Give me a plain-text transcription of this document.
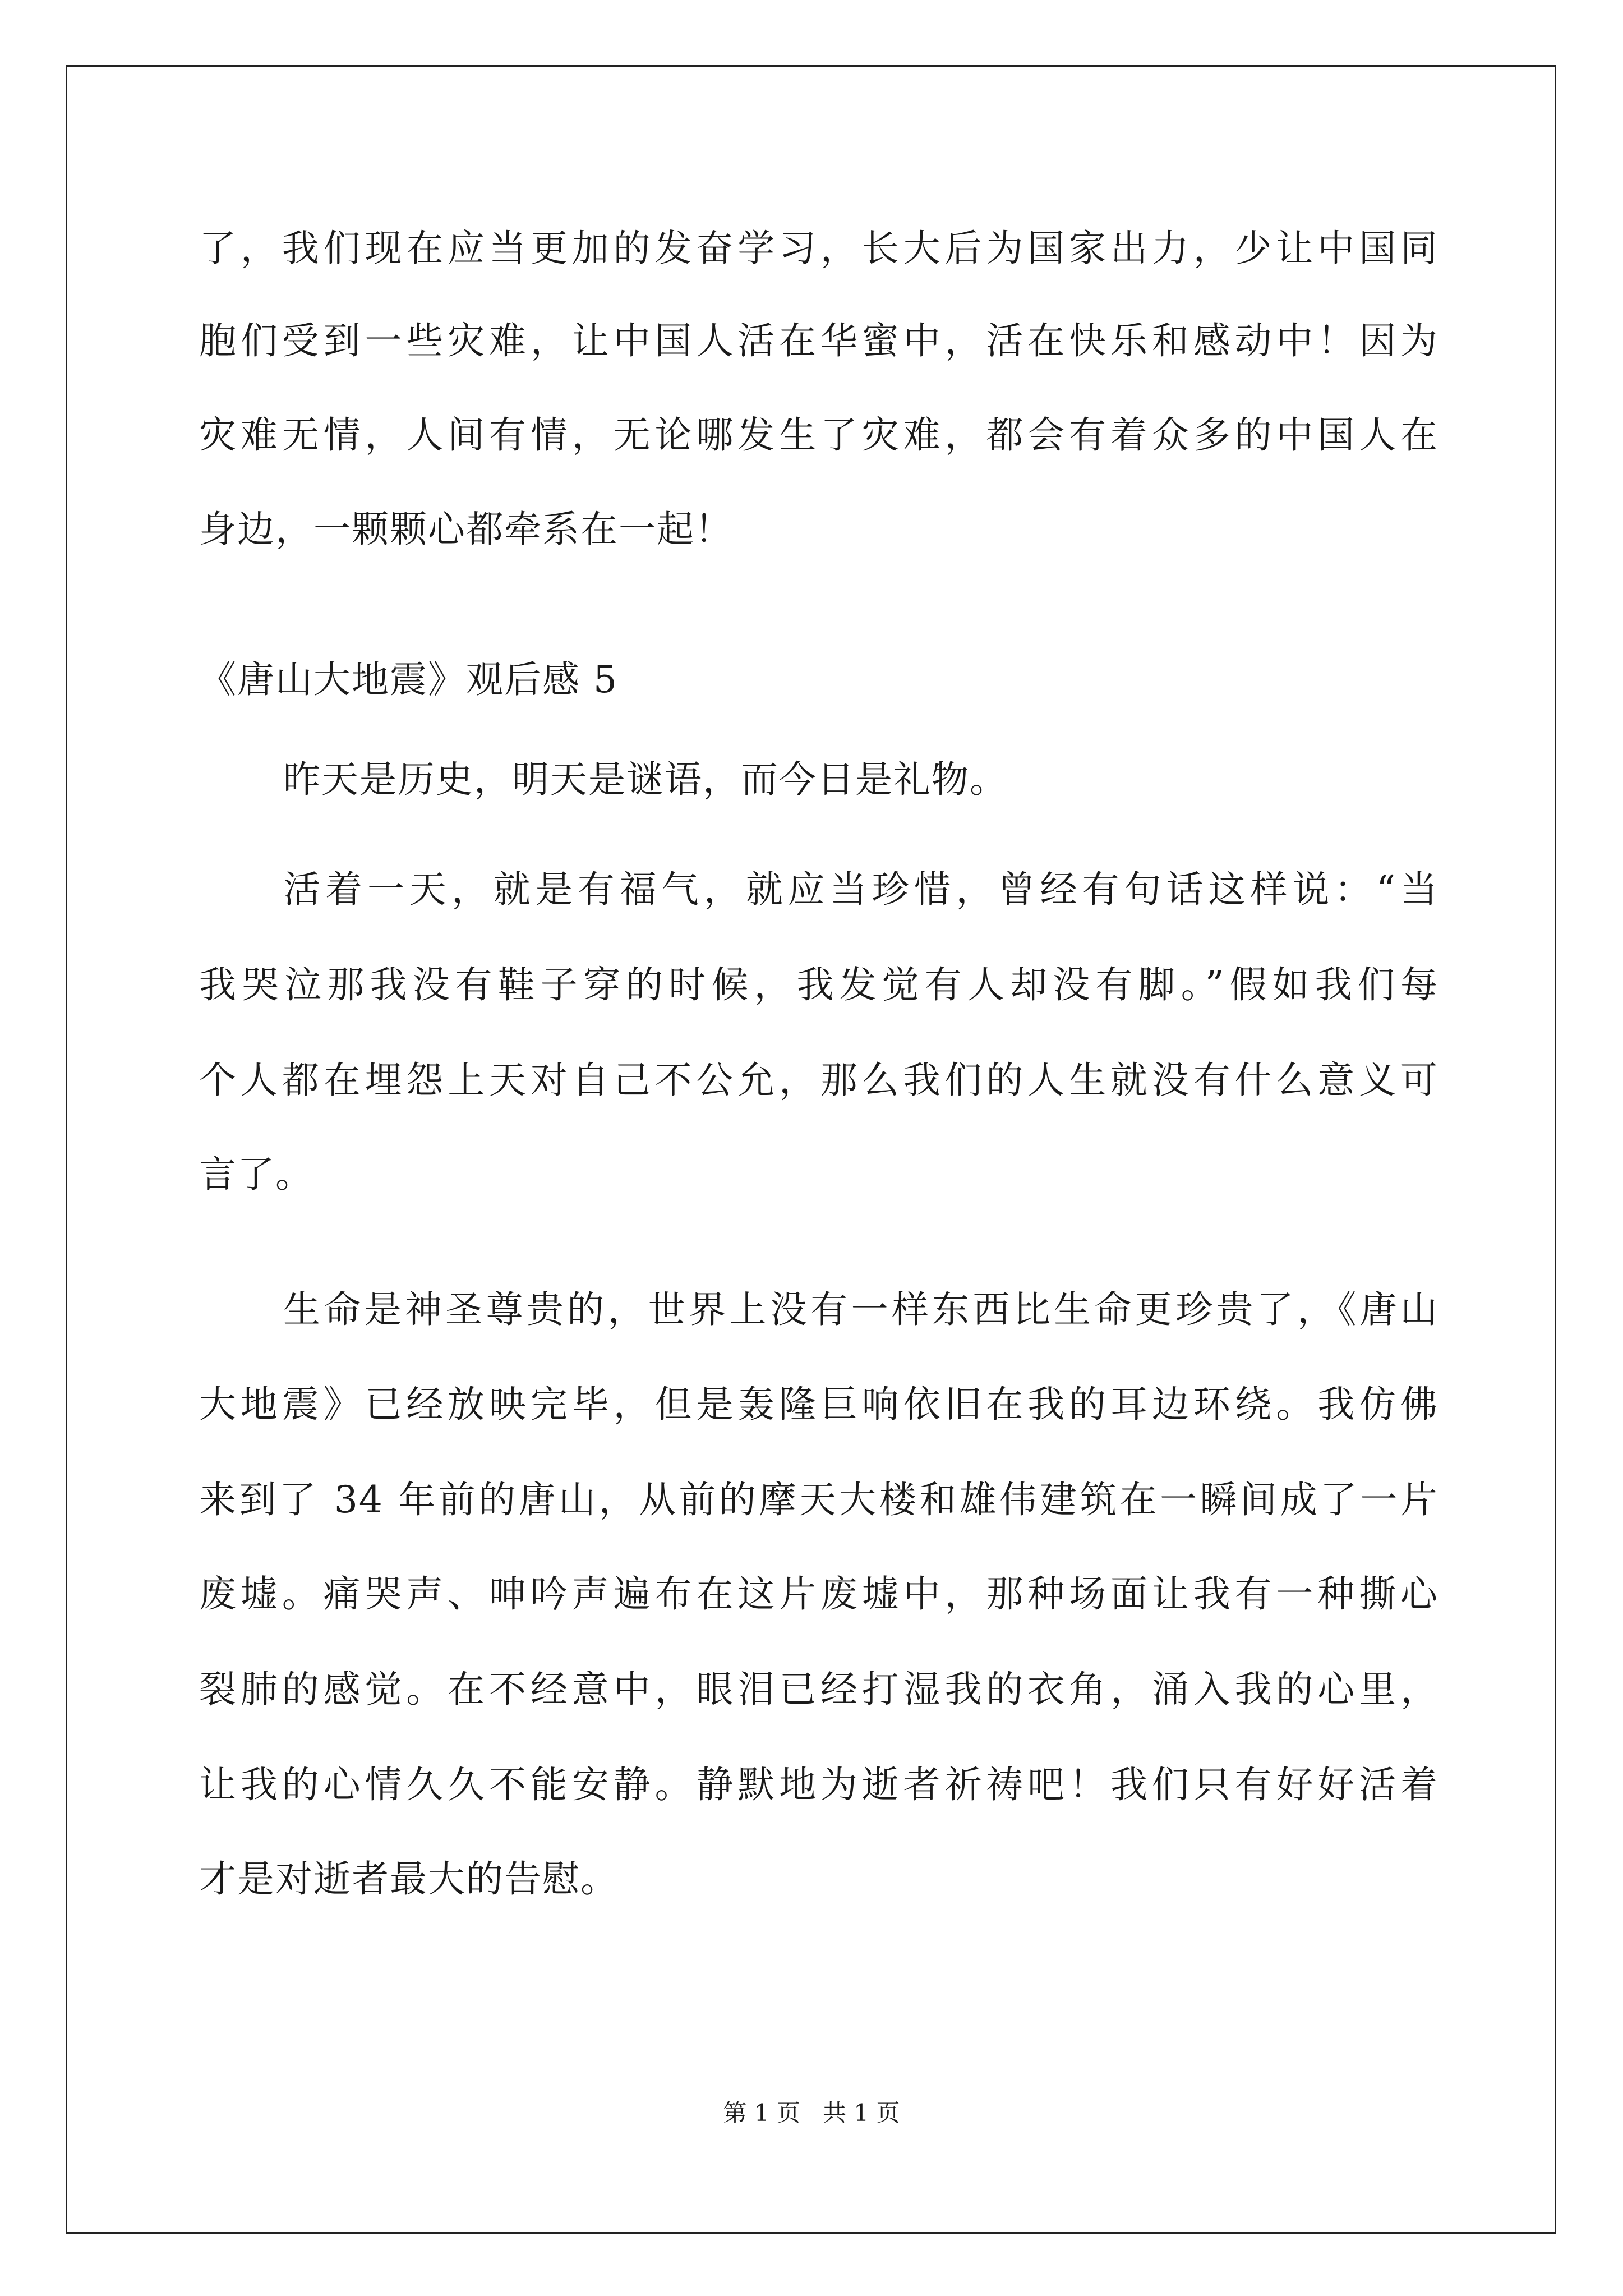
了，我们现在应当更加的发奋学习，长大后为国家出力，少让中国同
胞们受到一些灾难，让中国人活在华蜜中，活在快乐和感动中！因为
灾难无情，人间有情，无论哪发生了灾难，都会有着众多的中国人在
身边，一颗颗心都牵系在一起！
《唐山大地震》观后感 5
昨天是历史，明天是谜语，而今日是礼物。
活着一天，就是有福气，就应当珍惜，曾经有句话这样说：“当
我哭泣那我没有鞋子穿的时候，我发觉有人却没有脚。”假如我们每
个人都在埋怨上天对自己不公允，那么我们的人生就没有什么意义可
言了。
生命是神圣尊贵的，世界上没有一样东西比生命更珍贵了，《唐山
大地震》已经放映完毕，但是轰隆巨响依旧在我的耳边环绕。我仿佛
来到了 34 年前的唐山，从前的摩天大楼和雄伟建筑在一瞬间成了一片
废墟。痛哭声、呻吟声遍布在这片废墟中，那种场面让我有一种撕心
裂肺的感觉。在不经意中，眼泪已经打湿我的衣角，涌入我的心里，
让我的心情久久不能安静。静默地为逝者祈祷吧！我们只有好好活着
才是对逝者最大的告慰。
第 1 页   共 1 页
